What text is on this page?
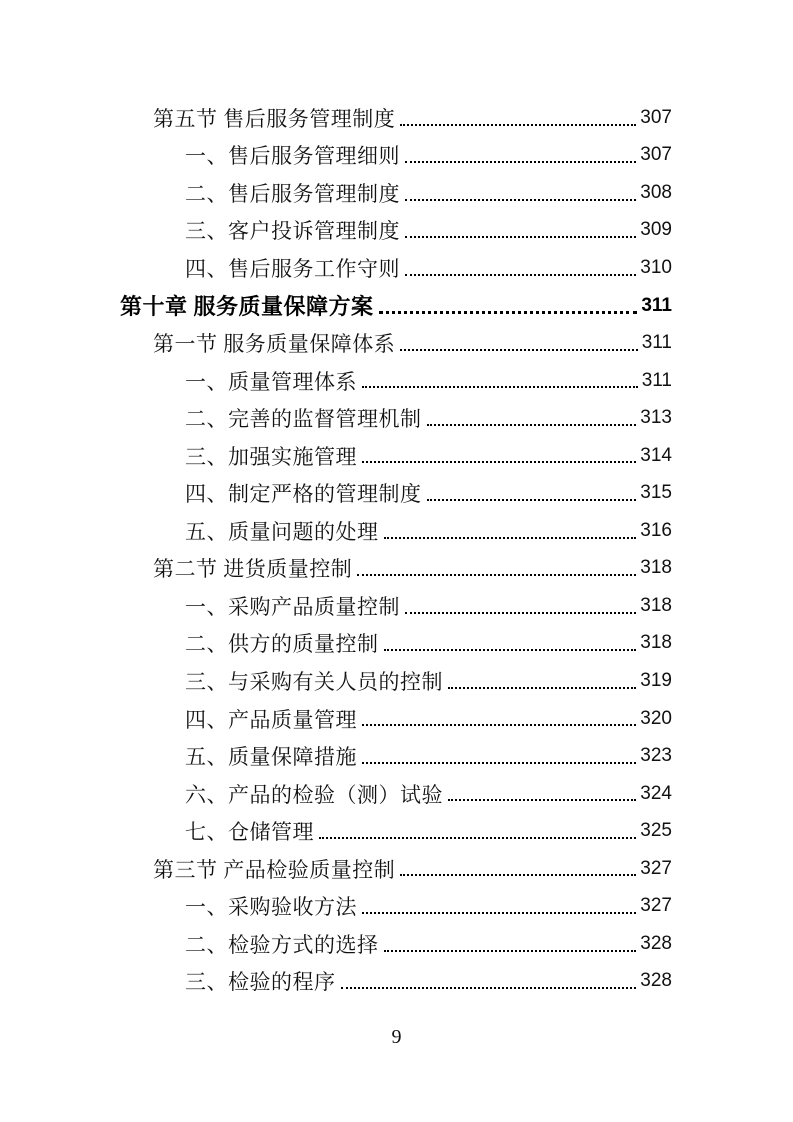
第五节 售后服务管理制度	307
一、售后服务管理细则	307
二、售后服务管理制度	308
三、客户投诉管理制度	309
四、售后服务工作守则	310
第十章 服务质量保障方案	311
第一节 服务质量保障体系	311
一、质量管理体系	311
二、完善的监督管理机制	313
三、加强实施管理	314
四、制定严格的管理制度	315
五、质量问题的处理	316
第二节 进货质量控制	318
一、采购产品质量控制	318
二、供方的质量控制	318
三、与采购有关人员的控制	319
四、产品质量管理	320
五、质量保障措施	323
六、产品的检验（测）试验	324
七、仓储管理	325
第三节 产品检验质量控制	327
一、采购验收方法	327
二、检验方式的选择	328
三、检验的程序	328
9
